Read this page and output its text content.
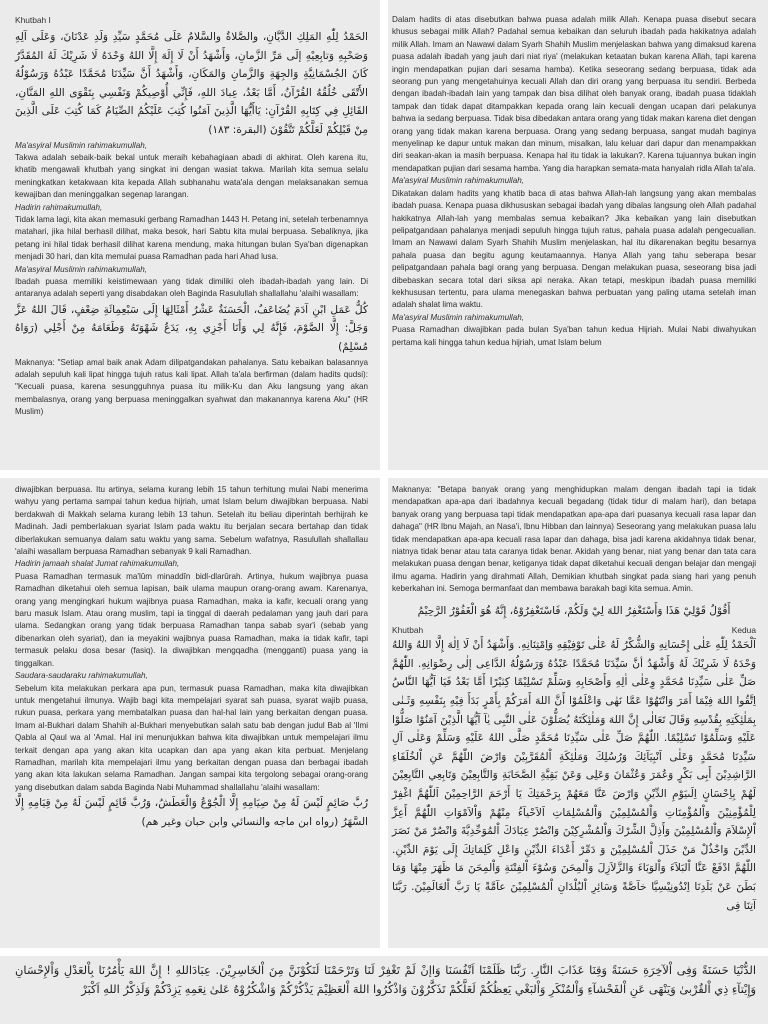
Khutbah I

الحَمْدُ لِلّٰهِ المَلِكِ الدَّيَّانِ، والصَّلاةُ والسَّلامُ عَلَى مُحَمَّدٍ سَيِّدِ وَلَدِ عَدْنَانَ، وَعَلَى آلِهِ وَصَحْبِهِ وَتابِعِيْهِ إلَى مَرِّ الزَّمانِ، وَأَشْهَدُ أَنْ لَا إِلَهَ إِلَّا اللهُ وَحْدَهُ لَا شَرِيْكَ لَهُ المُقَدَّرُ كَانَ الجُسْمَانِيَّةِ وَالجِهَةِ وَالزَّمانِ وَالمَكَانِ، وَأَشْهَدُ أَنَّ سَيِّدَنَا مُحَمَّدًا عَبْدُهُ وَرَسُوْلُهُ الأَتْقَى خُلُقُهُ القُرْآنُ، أَمَّا بَعْدُ، عِبادَ اللهِ، فَإِنِّي أُوْصِيكُمْ وَنَفْسِي بِتَقْوَى اللهِ المَنَّانِ، القَائِلِ فِي كِتَابِهِ القُرْآنِ: يَاأَيُّهَا الَّذِينَ آمَنُوا كُتِبَ عَلَيْكُمُ الصِّيَامُ كَمَا كُتِبَ عَلَى الَّذِينَ مِنْ قَبْلِكُمْ لَعَلَّكُمْ تَتَّقُوْنَ (البقرة: ١٨٣)

Ma'asyiral Muslimin rahimakumullah,

Takwa adalah sebaik-baik bekal untuk meraih kebahagiaan abadi di akhirat. Oleh karena itu, khatib mengawali khutbah yang singkat ini dengan wasiat takwa. Marilah kita semua selalu meningkatkan ketakwaan kita kepada Allah subhanahu wata'ala dengan melaksanakan semua kewajiban dan meninggalkan segenap larangan.

Hadirin rahimakumullah,

Tidak lama lagi, kita akan memasuki gerbang Ramadhan 1443 H. Petang ini, setelah terbenamnya matahari, jika hilal berhasil dilihat, maka besok, hari Sabtu kita mulai berpuasa. Sebaliknya, jika petang ini hilal tidak berhasil dilihat karena mendung, maka hitungan bulan Sya'ban digenapkan menjadi 30 hari, dan kita memulai puasa Ramadhan pada hari Ahad lusa.

Ma'asyiral Muslimin rahimakumullah,

Ibadah puasa memiliki keistimewaan yang tidak dimiliki oleh ibadah-ibadah yang lain. Di antaranya adalah seperti yang disabdakan oleh Baginda Rasulullah shallallahu 'alaihi wasallam:

كُلُّ عَمَلِ ابْنِ آدَمَ يُضَاعَفُ، الْحَسَنَةُ عَشْرُ أَمْثَالِهَا إِلَى سَبْعِمِائَةِ ضِعْفٍ، قَالَ اللهُ عَزَّ وَجَلَّ: إِلَّا الصَّوْمَ، فَإِنَّهُ لِي وَأَنَا أَجْزِي بِهِ، يَدَعُ شَهْوَتَهُ وَطَعَامَهُ مِنْ أَجْلِي (رَوَاهُ مُسْلِمٌ)

Maknanya: "Setiap amal baik anak Adam dilipatgandakan pahalanya. Satu kebaikan balasannya adalah sepuluh kali lipat hingga tujuh ratus kali lipat. Allah ta'ala berfirman (dalam hadits qudsi): "Kecuali puasa, karena sesungguhnya puasa itu milik-Ku dan Aku langsung yang akan membalasnya, orang yang berpuasa meninggalkan syahwat dan makanannya karena Aku" (HR Muslim)

Dalam hadits di atas disebutkan bahwa puasa adalah milik Allah. Kenapa puasa disebut secara khusus sebagai milik Allah? Padahal semua kebaikan dan seluruh ibadah pada hakikatnya adalah milik Allah. Imam an Nawawi dalam Syarh Shahih Muslim menjelaskan bahwa yang dimaksud karena puasa adalah ibadah yang jauh dari niat riya' (melakukan ketaatan bukan karena Allah, tapi karena ingin mendapatkan pujian dari sesama hamba). Ketika seseorang sedang berpuasa, tidak ada seorang pun yang mengetahuinya kecuali Allah dan diri orang yang berpuasa itu sendiri. Berbeda dengan ibadah-ibadah lain yang tampak dan bisa dilihat oleh banyak orang, ibadah puasa tidaklah tampak dan tidak dapat ditampakkan kepada orang lain kecuali dengan ucapan dari pelakunya bahwa ia sedang berpuasa. Tidak bisa dibedakan antara orang yang tidak makan karena diet dengan orang yang tidak makan karena berpuasa. Orang yang sedang berpuasa, sangat mudah baginya menyelinap ke dapur untuk makan dan minum, misalkan, lalu keluar dari dapur dan menampakkan diri seakan-akan ia masih berpuasa. Kenapa hal itu tidak ia lakukan?. Karena tujuannya bukan ingin mendapatkan pujian dari sesama hamba. Yang dia harapkan semata-mata hanyalah ridla Allah ta'ala.

Ma'asyiral Muslimin rahimakumullah,

Dikatakan dalam hadits yang khatib baca di atas bahwa Allah-lah langsung yang akan membalas ibadah puasa. Kenapa puasa dikhususkan sebagai ibadah yang dibalas langsung oleh Allah padahal hakikatnya Allah-lah yang membalas semua kebaikan? Jika kebaikan yang lain disebutkan pelipatgandaan pahalanya menjadi sepuluh hingga tujuh ratus, pahala puasa adalah pengecualian. Imam an Nawawi dalam Syarh Shahih Muslim menjelaskan, hal itu dikarenakan begitu besarnya pahala puasa dan begitu agung keutamaannya. Hanya Allah yang tahu seberapa besar pelipatgandaan pahala bagi orang yang berpuasa. Dengan melakukan puasa, seseorang bisa jadi dibebaskan secara total dari siksa api neraka. Akan tetapi, meskipun ibadah puasa memiliki kekhususan tertentu, para ulama menegaskan bahwa perbuatan yang paling utama setelah iman adalah shalat lima waktu.

Ma'asyiral Muslimin rahimakumullah,

Puasa Ramadhan diwajibkan pada bulan Sya'ban tahun kedua Hijriah. Mulai Nabi diwahyukan pertama kali hingga tahun kedua hijriah, umat Islam belum

diwajibkan berpuasa. Itu artinya, selama kurang lebih 15 tahun terhitung mulai Nabi menerima wahyu yang pertama sampai tahun kedua hijriah, umat Islam belum diwajibkan berpuasa. Nabi berdakwah di Makkah selama kurang lebih 13 tahun. Setelah itu beliau diperintah berhijrah ke Madinah. Jadi pemberlakuan syariat Islam pada waktu itu berjalan secara bertahap dan tidak diberlakukan semuanya dalam satu waktu yang sama. Sebelum wafatnya, Rasulullah shallallau 'alaihi wasallam berpuasa Ramadhan sebanyak 9 kali Ramadhan.

Hadirin jamaah shalat Jumat rahimakumullah,

Puasa Ramadhan termasuk ma'lûm minaddîn bidl-dlarûrah. Artinya, hukum wajibnya puasa Ramadhan diketahui oleh semua lapisan, baik ulama maupun orang-orang awam. Karenanya, orang yang mengingkari hukum wajibnya puasa Ramadhan, maka ia kafir, kecuali orang yang baru masuk Islam. Atau orang muslim, tapi ia tinggal di daerah pedalaman yang jauh dari para ulama. Sedangkan orang yang tidak berpuasa Ramadhan tanpa sabab syar'i (sebab yang dibenarkan oleh syariat), dan ia meyakini wajibnya puasa Ramadhan, maka ia tidak kafir, tapi termasuk pelaku dosa besar (fasiq). Ia diwajibkan mengqadha (mengganti) puasa yang ia tinggalkan.

Saudara-saudaraku rahimakumullah,

Sebelum kita melakukan perkara apa pun, termasuk puasa Ramadhan, maka kita diwajibkan untuk mengetahui ilmunya. Wajib bagi kita mempelajari syarat sah puasa, syarat wajib puasa, rukun puasa, perkara yang membatalkan puasa dan hal-hal lain yang berkaitan dengan puasa. Imam al-Bukhari dalam Shahih al-Bukhari menyebutkan salah satu bab dengan judul Bab al 'Ilmi Qabla al Qaul wa al 'Amal. Hal ini menunjukkan bahwa kita diwajibkan untuk mempelajari ilmu terkait dengan apa yang akan kita ucapkan dan apa yang akan kita perbuat. Menjelang Ramadhan, marilah kita mempelajari ilmu yang berkaitan dengan puasa dan berbagai ibadah yang akan kita lakukan selama Ramadhan. Jangan sampai kita tergolong sebagai orang-orang yang disebutkan dalam sabda Baginda Nabi Muhammad shallallahu 'alaihi wasallam:

رُبَّ صَائِمٍ لَيْسَ لَهُ مِنْ صِيَامِهِ إِلَّا الْجُوْعُ وَالْعَطَشُ، وَرُبَّ قَائِمٍ لَيْسَ لَهُ مِنْ قِيَامِهِ إِلَّا السَّهَرُ (رواه ابن ماجه والنسائي وابن حبان وغير هم)

Maknanya: "Betapa banyak orang yang menghidupkan malam dengan ibadah tapi ia tidak mendapatkan apa-apa dari ibadahnya kecuali begadang (tidak tidur di malam hari), dan betapa banyak orang yang berpuasa tapi tidak mendapatkan apa-apa dari puasanya kecuali rasa lapar dan dahaga" (HR Ibnu Majah, an Nasa'i, Ibnu Hibban dan lainnya) Seseorang yang melakukan puasa lalu tidak mendapatkan apa-apa kecuali rasa lapar dan dahaga, bisa jadi karena akidahnya tidak benar, niatnya tidak benar atau tata caranya tidak benar. Akidah yang benar, niat yang benar dan tata cara melakukan puasa dengan benar, ketiganya tidak dapat diketahui kecuali dengan belajar dan mengaji ilmu agama. Hadirin yang dirahmati Allah, Demikian khutbah singkat pada siang hari yang penuh keberkahan ini. Semoga bermanfaat dan membawa barakah bagi kita semua. Amin.

أَقُوْلُ قَوْلِيْ هَذَا وَأَسْتَغْفِرُ اللهَ لِيْ وَلَكُمْ، فَاسْتَغْفِرُوْهُ، إِنَّهُ هُوَ الْغَفُوْرُ الرَّحِيْمُ

Khutbah	Kedua

اَلْحَمْدُ لِلّٰهِ عَلٰى إِحْسَانِهِ وَالشُّكْرُ لَهُ عَلٰى تَوْفِيْقِهِ وَاِمْتِنَانِهِ. وَأَشْهَدُ أَنْ لَا اِلٰهَ إِلَّا اللهُ وَاللهُ وَحْدَهُ لَا شَرِيْكَ لَهُ وَأَشْهَدُ أنَّ سَيِّدَنَا مُحَمَّدًا عَبْدُهُ وَرَسُوْلُهُ الدَّاعِى إلٰى رِضْوَانِهِ. اللّٰهُمَّ صَلِّ عَلٰى سَيِّدِنَا مُحَمَّدٍ وِعَلٰى اٰلِهِ وَأَصْحَابِهِ وَسَلِّمْ تَسْلِيْمًا كِثيْرًا أَمَّا بَعْدُ فَيَا اَيُّهَا النَّاسُ اِتَّقُوا اللهَ فِيْمَا أَمَرَ وَانْتَهُوْا عَمَّا نَهٰى وَاعْلَمُوْا أَنَّ اللهَ أَمَرَكُمْ بِأَمْرٍ بَدَأَ فِيْهِ بِنَفْسِهِ وَثَـنٰى بِمَلٰئِكَتِهِ بِقُدْسِهِ وَقَالَ تَعَالٰى إِنَّ اللهَ وَمَلٰئِكَتَهُ يُصَلُّوْنَ عَلٰى النَّبِى يٰآ اَيُّهَا الَّذِيْنَ آمَنُوْا صَلُّوْا عَلَيْهِ وَسَلِّمُوْا تَسْلِيْمًا. اللّٰهُمَّ صَلِّ عَلٰى سَيِّدِنَا مُحَمَّدٍ صَلَّى اللهُ عَلَيْهِ وَسَلِّمْ وَعَلٰى آلِ سَيِّدِنَا مُحَمَّدٍ وَعَلٰى اَنْبِيَآئِكَ وَرُسُلِكَ وَمَلٰئِكَةِ اْلمُقَرَّبِيْنَ وَارْضَ اللّٰهُمَّ عَنِ اْلخُلَفَاءِ الرَّاشِدِيْنَ أَبِى بَكْرٍ وَعُمَرَ وَعُثْمَانَ وَعَلِى وَعَنْ بَقِيَّةِ الصَّحَابَةِ وَالتَّابِعِيْنَ وَتَابِعِي التَّابِعِيْنَ لَهُمْ بِاِحْسَانٍ اِلَىيَوْمِ الدِّيْنِ وَارْضَ عَنَّا مَعَهُمْ بِرَحْمَتِكَ يَا أَرْحَمَ الرَّاحِمِيْنَ اَللّٰهُمَّ اغْفِرْ لِلْمُؤْمِنِيْنَ وَاْلمُؤْمِنَاتِ وَاْلمُسْلِمِيْنَ وَاْلمُسْلِمَاتِ اَلاَحْيآءُ مِنْهُمْ وَاْلاَمْوَاتِ اللّٰهُمَّ أَعِزَّ اْلإِسْلاَمَ وَاْلمُسْلِمِيْنَ وَأَذِلَّ الشِّرْكَ وَاْلمُشْرِكِيْنَ وَانْصُرْ عِبَادَكَ اْلمُوَحِّدِيَّةَ وَانْصُرْ مَنْ نَصَرَ الدِّيْنَ وَاخْذُلْ مَنْ خَذَلَ اْلمُسْلِمِيْنَ وَ دَمِّرْ أَعْدَاءَ الدِّيْنِ وَاعْلِ كَلِمَاتِكَ إِلَى يَوْمَ الدِّيْنِ. اللّٰهُمَّ ادْفَعْ عَنَّا اْلبَلاَءَ وَاْلوَبَاءَ وَالزَّلاَزِلَ وَاْلمِحَنَ وَسُوْءَ اْلفِتْنَةِ وَاْلمِحَنَ مَا ظَهَرَ مِنْهَا وَمَا بَطَنَ عَنْ بَلَدِنَا اِنْدُونِيْسِيَّا خآصَّةً وَسَائِرِ اْلبُلْدَانِ اْلمُسْلِمِيْنَ عآمَّةً يَا رَبَّ اْلعَالَمِيْنَ. رَبَّنَا آتِنَا فِى

الدُّنْيَا حَسَنَةً وَفِى اْلآخِرَةِ حَسَنَةً وَقِنَا عَذَابَ النَّارِ. رَبَّنَا ظَلَمْنَا اَنْفُسَنَا وَاإنْ لَمْ تَغْفِرْ لَنَا وَتَرْحَمْنَا لَنَكُوْنَنَّ مِنَ اْلخَاسِرِيْنَ. عِبَادَاللهِ ! إِنَّ اللهَ يَأْمُرُنَا بِاْلعَدْلِ وَاْلإِحْسَانِ وَإِيْتآءِ ذِي اْلقُرْبىٰ وَيَنْهَى عَنِ اْلفَحْشآءِ وَاْلمُنْكَرِ وَاْلبَغْي يَعِظُكُمْ لَعَلَّكُمْ تَذَكَّرُوْنَ وَاذْكُرُوا اللهَ اْلعَظِيْمَ يَذْكُرْكُمْ وَاشْكُرُوْهُ عَلىٰ نِعَمِهِ يَزِدْكُمْ وَلَذِكْرُ اللهِ اَكْبَرْ
